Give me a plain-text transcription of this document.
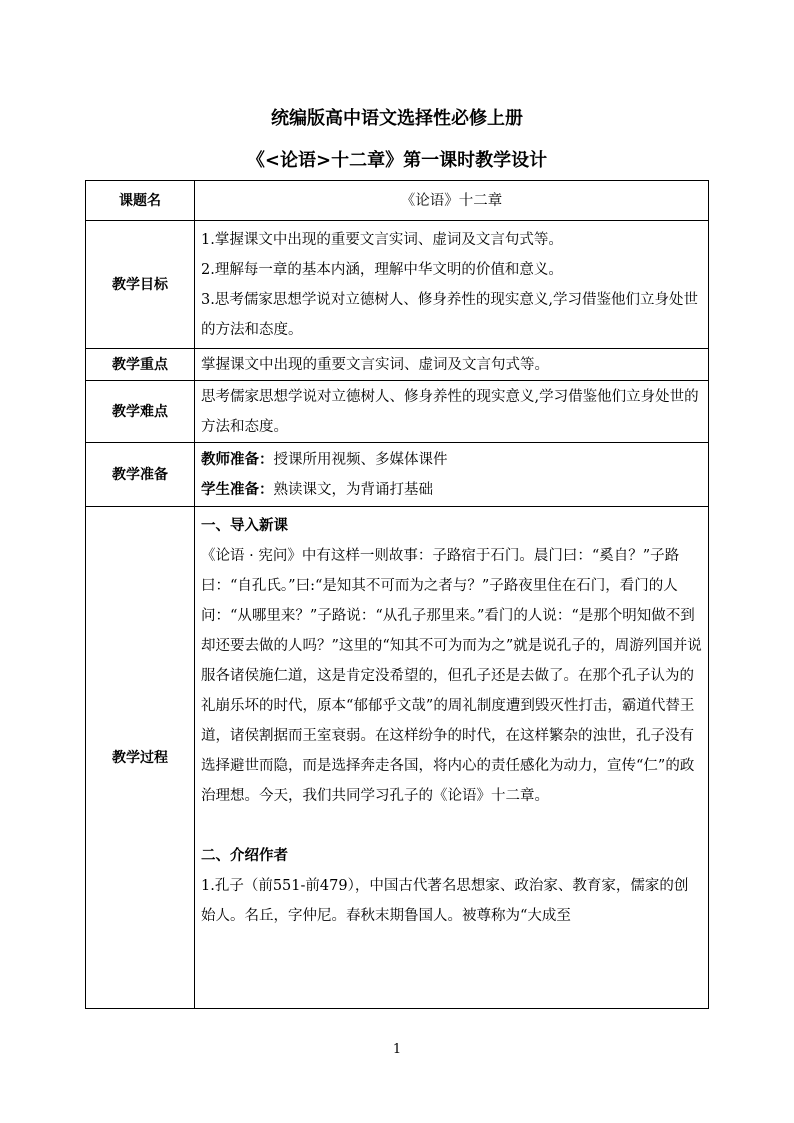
统编版高中语文选择性必修上册
《<论语>十二章》第一课时教学设计
课题名	《论语》十二章
教学目标	1.掌握课文中出现的重要文言实词、虚词及文言句式等。

2.理解每一章的基本内涵，理解中华文明的价值和意义。

3.思考儒家思想学说对立德树人、修身养性的现实意义,学习借鉴他们立身处世的方法和态度。

教学重点	掌握课文中出现的重要文言实词、虚词及文言句式等。
教学难点	思考儒家思想学说对立德树人、修身养性的现实意义,学习借鉴他们立身处世的方法和态度。
教学准备	教师准备：授课所用视频、多媒体课件

学生准备：熟读课文，为背诵打基础

教学过程	一、导入新课

《论语 · 宪问》中有这样一则故事：子路宿于石门。晨门曰：“奚自？”子路曰：“自孔氏。”曰:“是知其不可而为之者与？”子路夜里住在石门，看门的人问：“从哪里来？”子路说：“从孔子那里来。”看门的人说：“是那个明知做不到却还要去做的人吗？”这里的“知其不可为而为之”就是说孔子的，周游列国并说服各诸侯施仁道，这是肯定没希望的，但孔子还是去做了。在那个孔子认为的礼崩乐坏的时代，原本“郁郁乎文哉”的周礼制度遭到毁灭性打击，霸道代替王道，诸侯割据而王室衰弱。在这样纷争的时代，在这样繁杂的浊世，孔子没有选择避世而隐，而是选择奔走各国，将内心的责任感化为动力，宣传“仁”的政治理想。今天，我们共同学习孔子的《论语》十二章。

二、介绍作者

1.孔子（前551-前479），中国古代著名思想家、政治家、教育家，儒家的创始人。名丘，字仲尼。春秋末期鲁国人。被尊称为“大成至

1
